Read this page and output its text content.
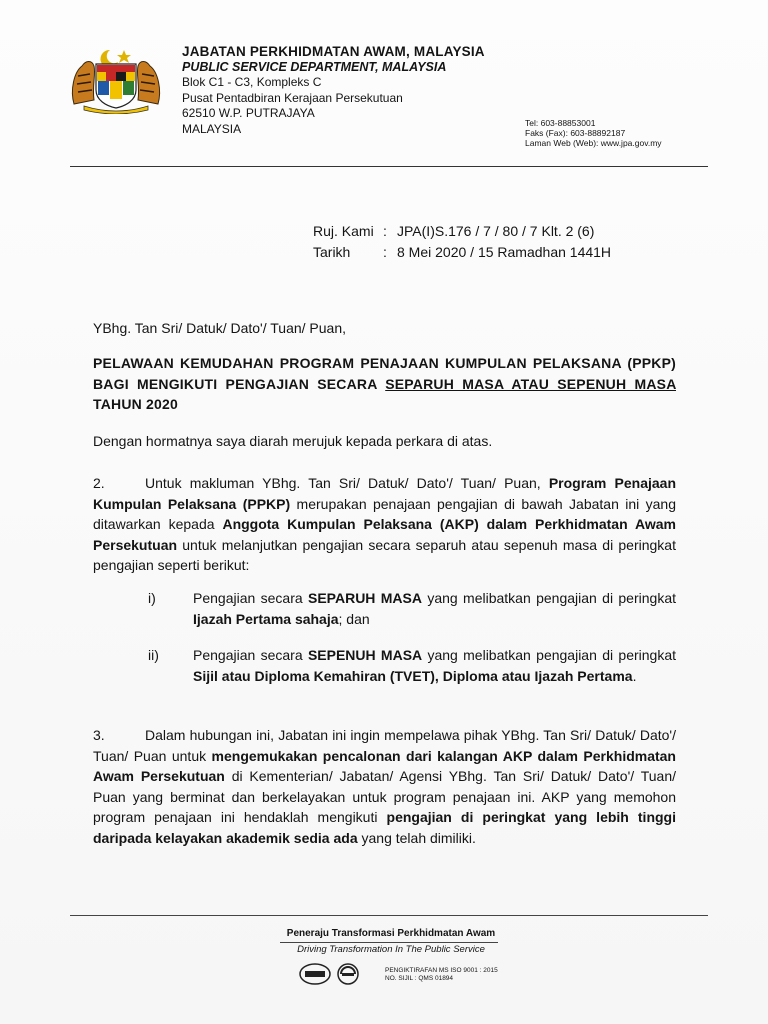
JABATAN PERKHIDMATAN AWAM, MALAYSIA
PUBLIC SERVICE DEPARTMENT, MALAYSIA
Blok C1 - C3, Kompleks C
Pusat Pentadbiran Kerajaan Persekutuan
62510 W.P. PUTRAJAYA
MALAYSIA	Tel: 603-88853001
Faks (Fax): 603-88892187
Laman Web (Web): www.jpa.gov.my
Ruj. Kami : JPA(I)S.176 / 7 / 80 / 7 Klt. 2 (6)
Tarikh	: 8 Mei 2020 / 15 Ramadhan 1441H
YBhg. Tan Sri/ Datuk/ Dato'/ Tuan/ Puan,
PELAWAAN KEMUDAHAN PROGRAM PENAJAAN KUMPULAN PELAKSANA (PPKP) BAGI MENGIKUTI PENGAJIAN SECARA SEPARUH MASA ATAU SEPENUH MASA TAHUN 2020
Dengan hormatnya saya diarah merujuk kepada perkara di atas.
2.	Untuk makluman YBhg. Tan Sri/ Datuk/ Dato'/ Tuan/ Puan, Program Penajaan Kumpulan Pelaksana (PPKP) merupakan penajaan pengajian di bawah Jabatan ini yang ditawarkan kepada Anggota Kumpulan Pelaksana (AKP) dalam Perkhidmatan Awam Persekutuan untuk melanjutkan pengajian secara separuh atau sepenuh masa di peringkat pengajian seperti berikut:
i)	Pengajian secara SEPARUH MASA yang melibatkan pengajian di peringkat Ijazah Pertama sahaja; dan
ii)	Pengajian secara SEPENUH MASA yang melibatkan pengajian di peringkat Sijil atau Diploma Kemahiran (TVET), Diploma atau Ijazah Pertama.
3.	Dalam hubungan ini, Jabatan ini ingin mempelawa pihak YBhg. Tan Sri/ Datuk/ Dato'/ Tuan/ Puan untuk mengemukakan pencalonan dari kalangan AKP dalam Perkhidmatan Awam Persekutuan di Kementerian/ Jabatan/ Agensi YBhg. Tan Sri/ Datuk/ Dato'/ Tuan/ Puan yang berminat dan berkelayakan untuk program penajaan ini. AKP yang memohon program penajaan ini hendaklah mengikuti pengajian di peringkat yang lebih tinggi daripada kelayakan akademik sedia ada yang telah dimiliki.
Peneraju Transformasi Perkhidmatan Awam
Driving Transformation In The Public Service
PENGIKTIRAFAN MS ISO 9001 : 2015
NO. SIJIL : QMS 01894
